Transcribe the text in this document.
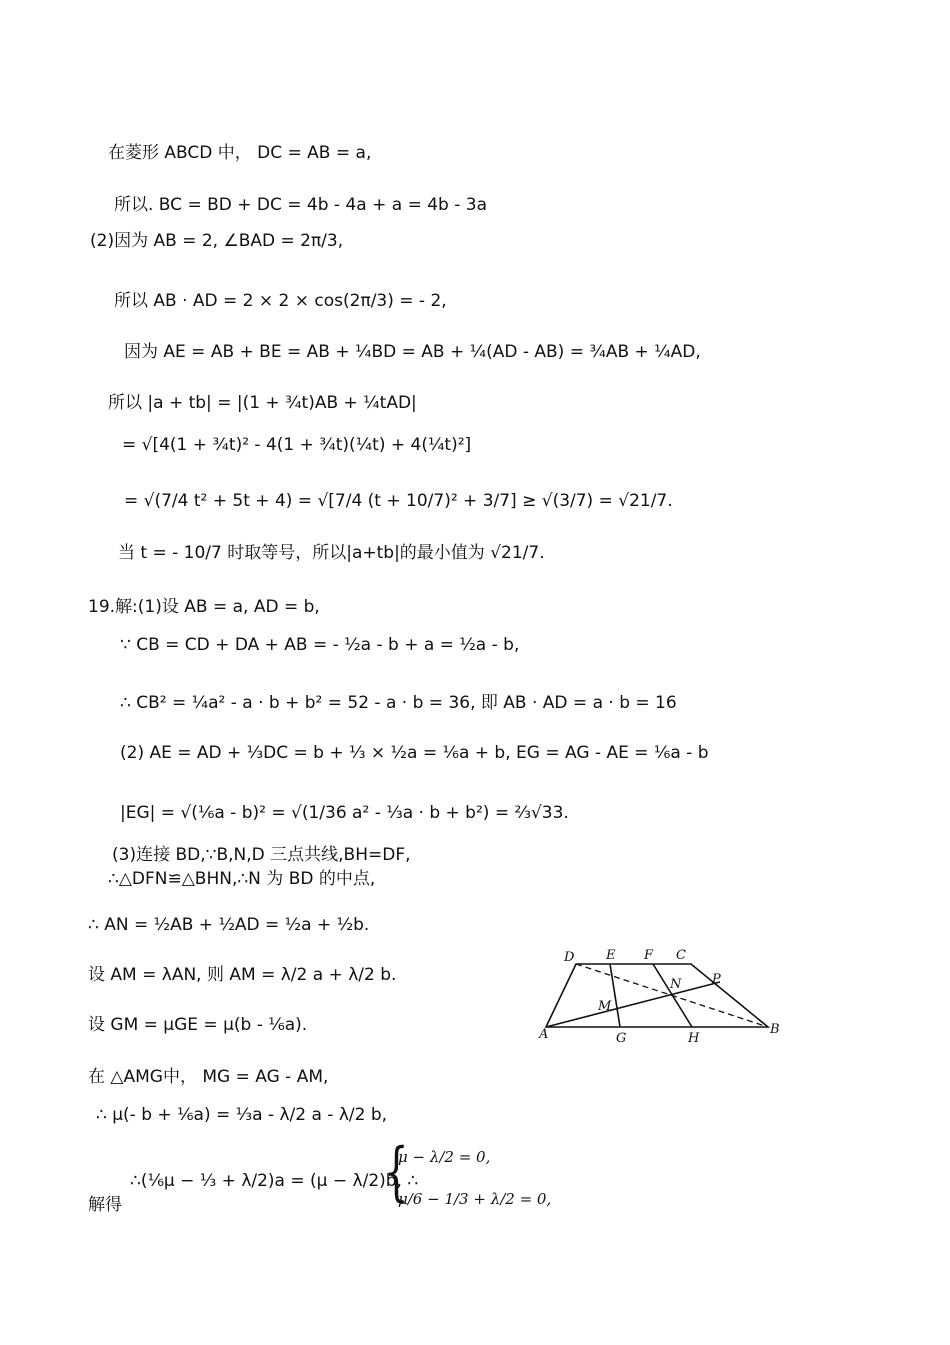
在菱形 ABCD 中， DC = AB = a,
所以. BC = BD + DC = 4b - 4a + a = 4b - 3a
(2)因为 AB = 2, ∠BAD = 2π/3,
所以 AB · AD = 2 × 2 × cos(2π/3) = - 2,
因为 AE = AB + BE = AB + ¼BD = AB + ¼(AD - AB) = ¾AB + ¼AD,
所以 |a + tb| = |(1 + ¾t)AB + ¼tAD|
= √[4(1 + ¾t)² - 4(1 + ¾t)(¼t) + 4(¼t)²]
= √(7/4 t² + 5t + 4) = √[7/4 (t + 10/7)² + 3/7] ≥ √(3/7) = √21/7.
当 t = - 10/7 时取等号，所以|a+tb|的最小值为 √21/7.
19.解:(1)设 AB = a, AD = b,
∵ CB = CD + DA + AB = - ½a - b + a = ½a - b,
∴ CB² = ¼a² - a · b + b² = 52 - a · b = 36, 即 AB · AD = a · b = 16
(2) AE = AD + ⅓DC = b + ⅓ × ½a = ⅙a + b, EG = AG - AE = ⅙a - b
|EG| = √(⅙a - b)² = √(1/36 a² - ⅓a · b + b²) = ⅔√33.
(3)连接 BD,∵B,N,D 三点共线,BH=DF,
∴△DFN≌△BHN,∴N 为 BD 的中点,
∴ AN = ½AB + ½AD = ½a + ½b.
设 AM = λAN, 则 AM = λ/2 a + λ/2 b.
设 GM = μGE = μ(b - ⅙a).
在 △AMG中， MG = AG - AM,
∴ μ(- b + ⅙a) = ⅓a - λ/2 a - λ/2 b,
∴(⅙μ − ⅓ + λ/2)a = (μ − λ/2)b, ∴
解得	{
μ − λ/2 = 0,
μ/6 − 1/3 + λ/2 = 0,
D E F C
P
N
M
A	G	H
B
